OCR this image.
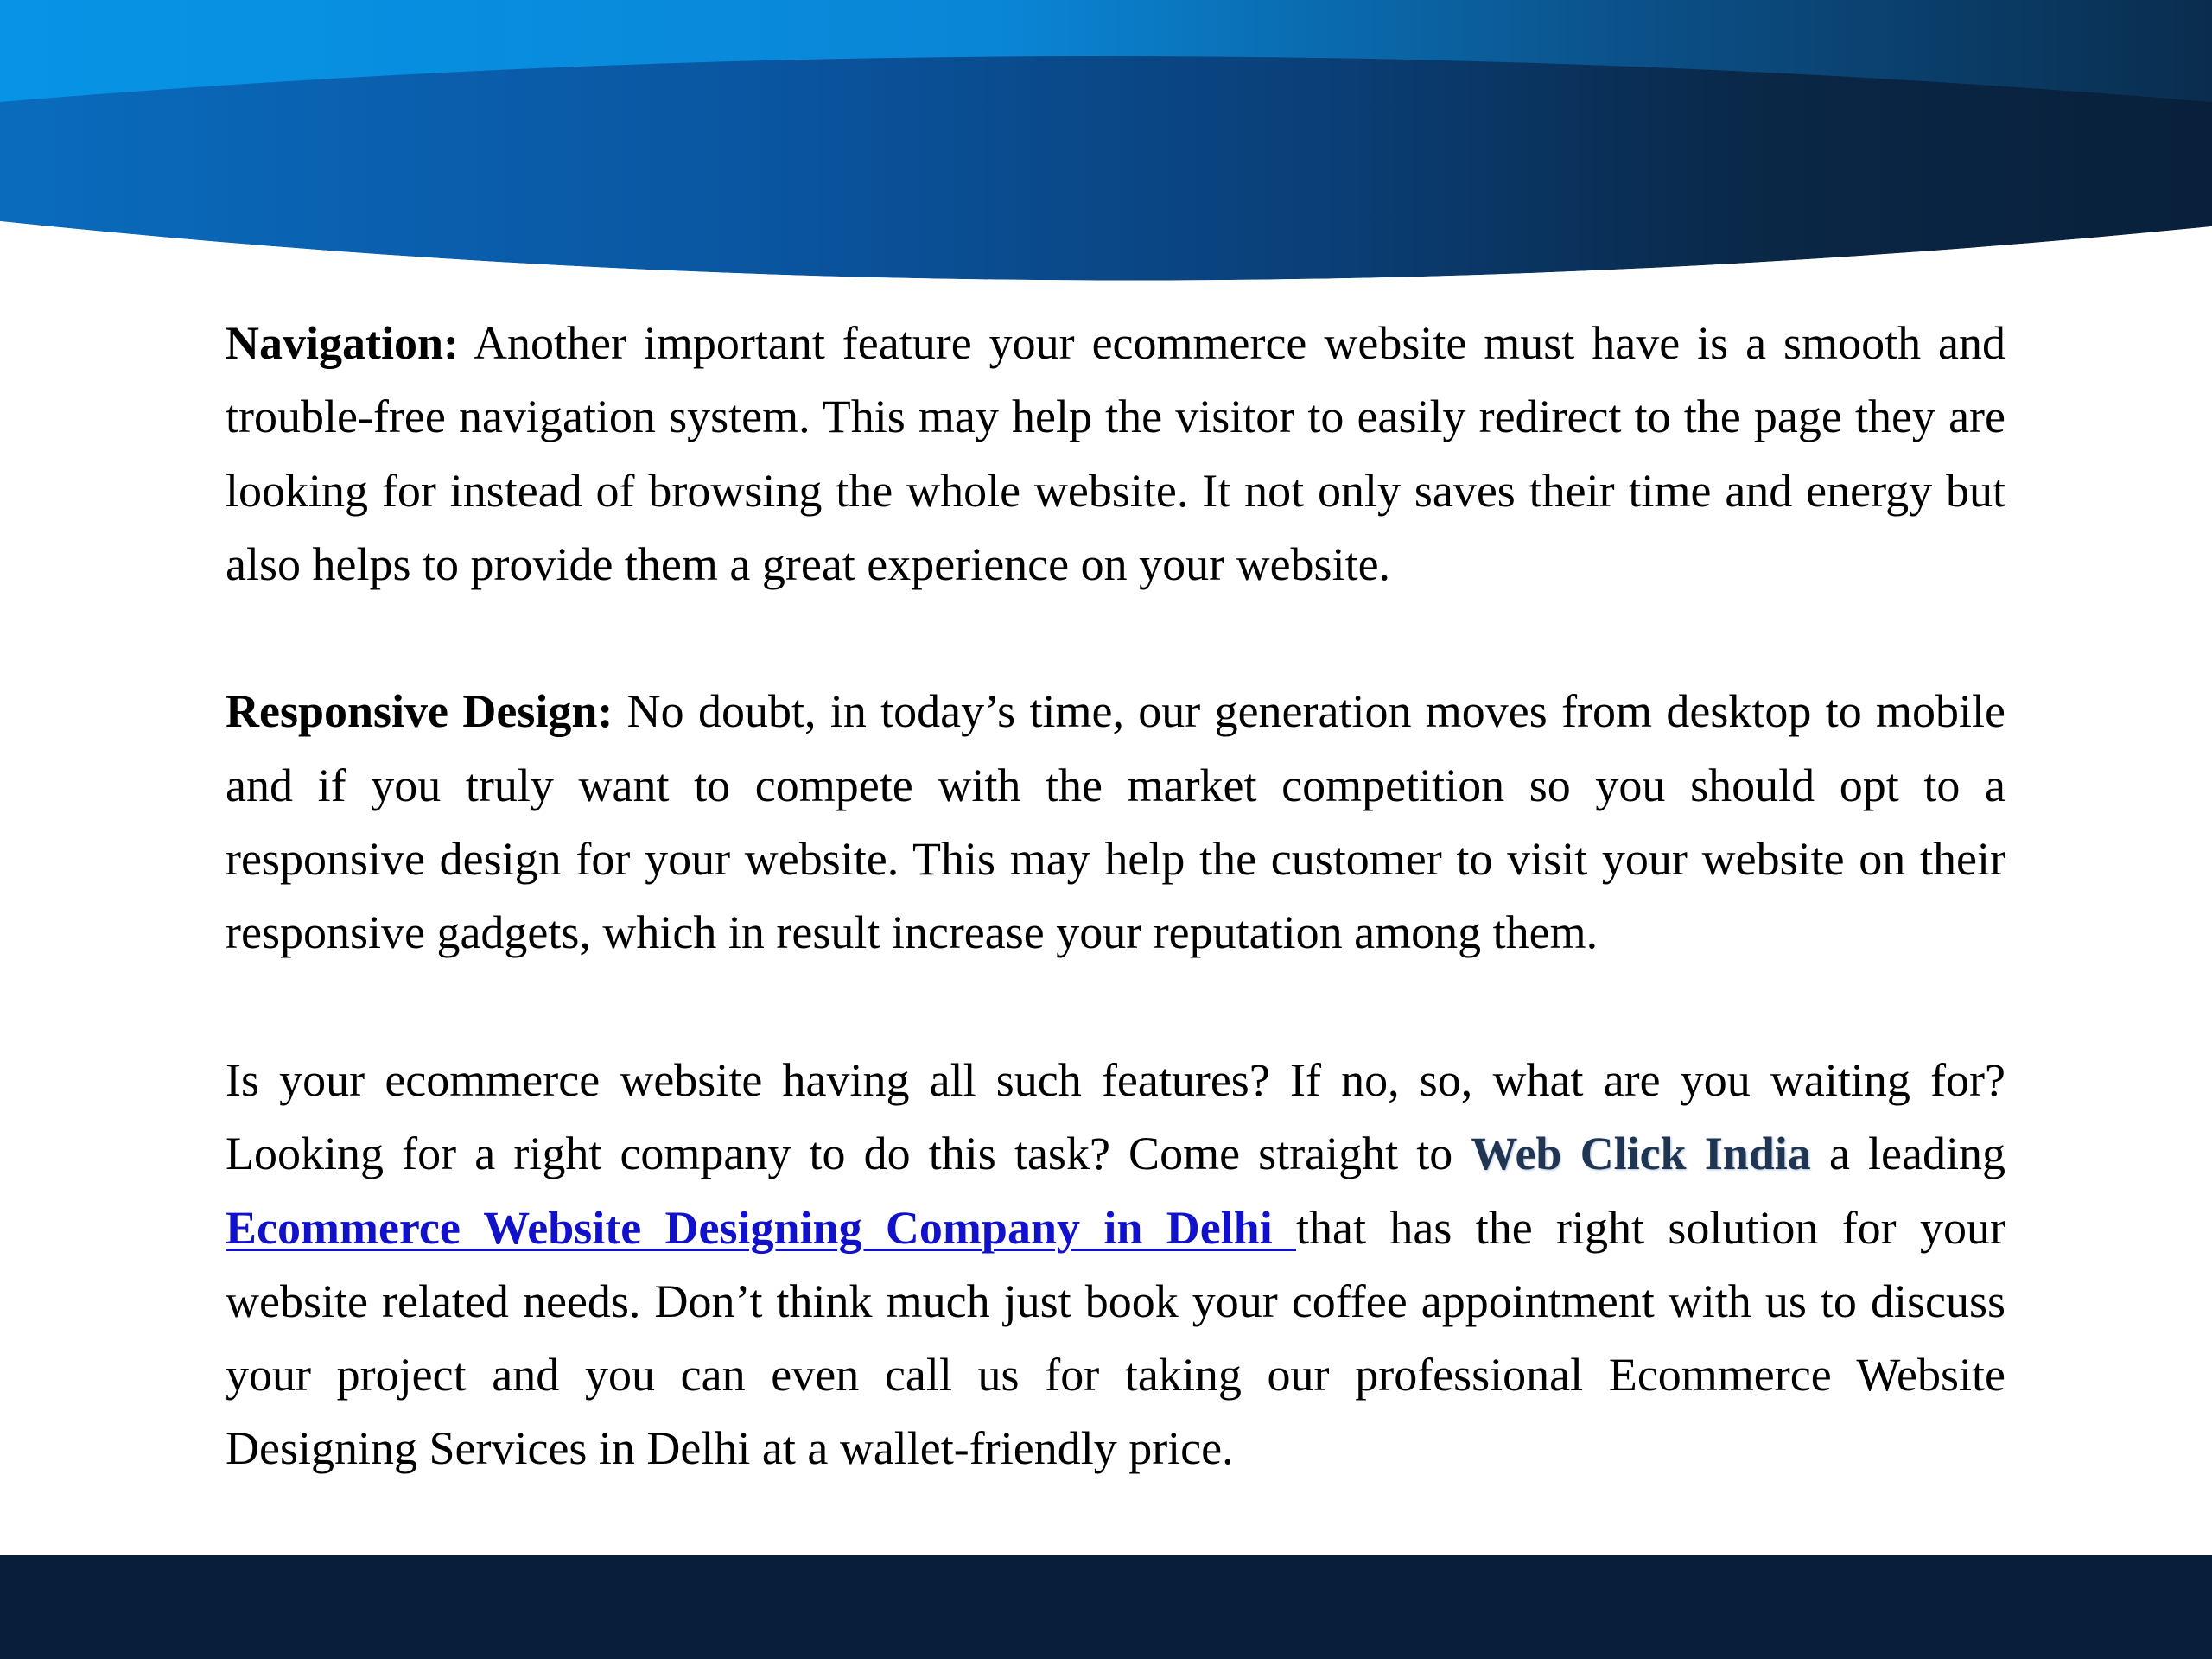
Navigation: Another important feature your ecommerce website must have is a smooth and trouble-free navigation system. This may help the visitor to easily redirect to the page they are looking for instead of browsing the whole website. It not only saves their time and energy but also helps to provide them a great experience on your website.

Responsive Design: No doubt, in today’s time, our generation moves from desktop to mobile and if you truly want to compete with the market competition so you should opt to a responsive design for your website. This may help the customer to visit your website on their responsive gadgets, which in result increase your reputation among them.

Is your ecommerce website having all such features? If no, so, what are you waiting for? Looking for a right company to do this task? Come straight to Web Click India a leading Ecommerce Website Designing Company in Delhi that has the right solution for your website related needs. Don’t think much just book your coffee appointment with us to discuss your project and you can even call us for taking our professional Ecommerce Website Designing Services in Delhi at a wallet-friendly price.
